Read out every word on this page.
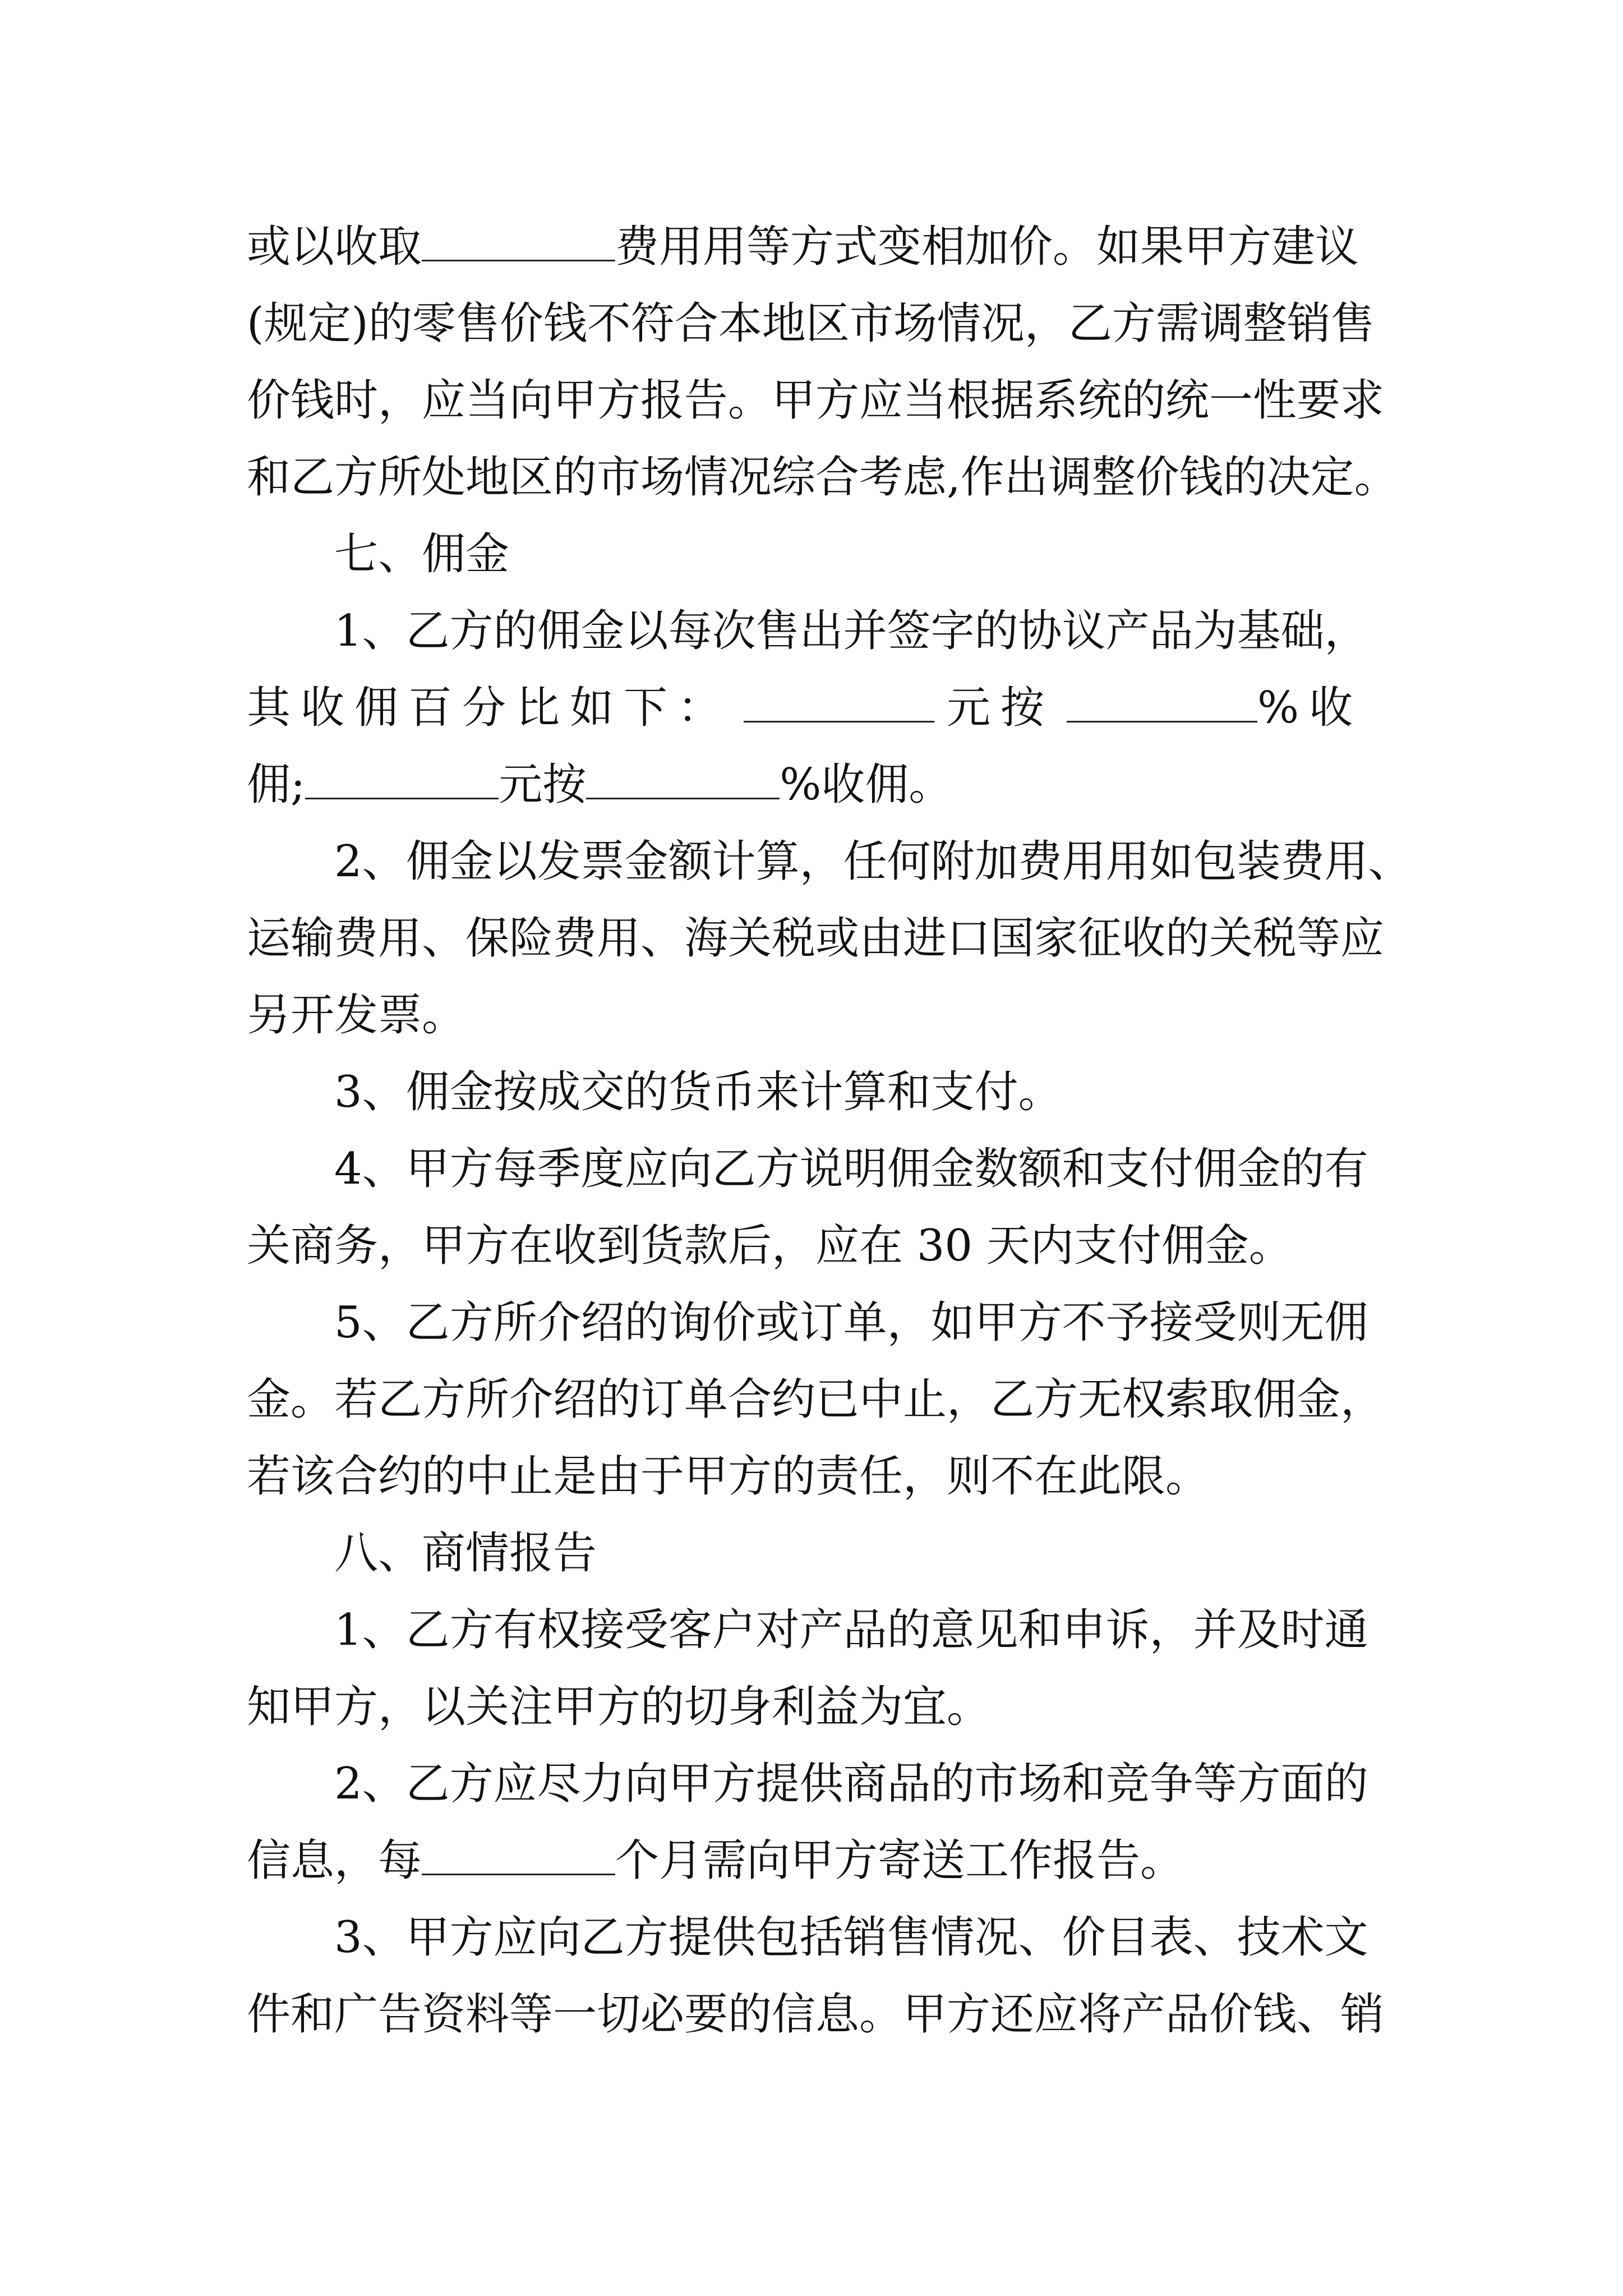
或以收取	费用用等方式变相加价。如果甲方建议
(规定)的零售价钱不符合本地区市场情况，乙方需调整销售
价钱时，应当向甲方报告。甲方应当根据系统的统一性要求
和乙方所处地区的市场情况综合考虑,作出调整价钱的决定。
七、佣金
1、乙方的佣金以每次售出并签字的协议产品为基础，
其收佣百分比如下：	元按	%收
佣;	元按	%收佣。
2、佣金以发票金额计算，任何附加费用用如包装费用、
运输费用、保险费用、海关税或由进口国家征收的关税等应
另开发票。
3、佣金按成交的货币来计算和支付。
4、甲方每季度应向乙方说明佣金数额和支付佣金的有
关商务，甲方在收到货款后，应在 30 天内支付佣金。
5、乙方所介绍的询价或订单，如甲方不予接受则无佣
金。若乙方所介绍的订单合约已中止，乙方无权索取佣金，
若该合约的中止是由于甲方的责任，则不在此限。
八、商情报告
1、乙方有权接受客户对产品的意见和申诉，并及时通
知甲方，以关注甲方的切身利益为宜。
2、乙方应尽力向甲方提供商品的市场和竞争等方面的
信息，每	个月需向甲方寄送工作报告。
3、甲方应向乙方提供包括销售情况、价目表、技术文
件和广告资料等一切必要的信息。甲方还应将产品价钱、销
